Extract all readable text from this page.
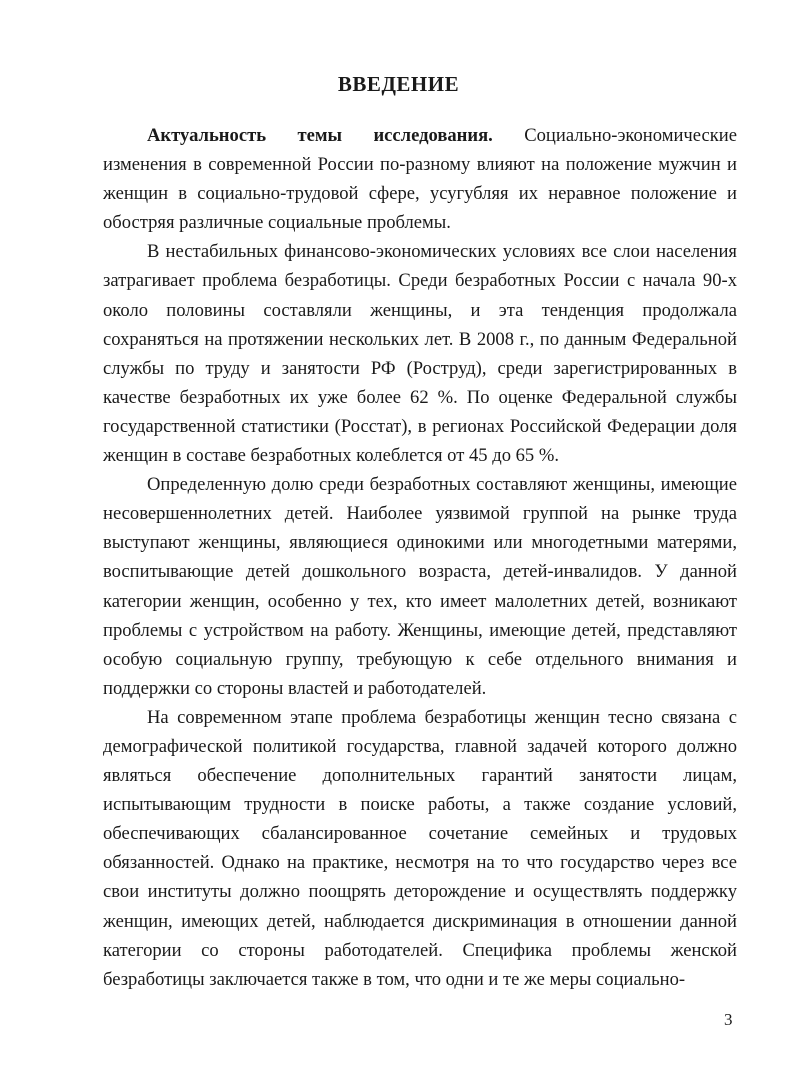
ВВЕДЕНИЕ

Актуальность темы исследования. Социально-экономические изменения в современной России по-разному влияют на положение мужчин и женщин в социально-трудовой сфере, усугубляя их неравное положение и обостряя различные социальные проблемы.

В нестабильных финансово-экономических условиях все слои населения затрагивает проблема безработицы. Среди безработных России с начала 90-х около половины составляли женщины, и эта тенденция продолжала сохраняться на протяжении нескольких лет. В 2008 г., по данным Федеральной службы по труду и занятости РФ (Роструд), среди зарегистрированных в качестве безработных их уже более 62 %. По оценке Федеральной службы государственной статистики (Росстат), в регионах Российской Федерации доля женщин в составе безработных колеблется от 45 до 65 %.

Определенную долю среди безработных составляют женщины, имеющие несовершеннолетних детей. Наиболее уязвимой группой на рынке труда выступают женщины, являющиеся одинокими или многодетными матерями, воспитывающие детей дошкольного возраста, детей-инвалидов. У данной категории женщин, особенно у тех, кто имеет малолетних детей, возникают проблемы с устройством на работу. Женщины, имеющие детей, представляют особую социальную группу, требующую к себе отдельного внимания и поддержки со стороны властей и работодателей.

На современном этапе проблема безработицы женщин тесно связана с демографической политикой государства, главной задачей которого должно являться обеспечение дополнительных гарантий занятости лицам, испытывающим трудности в поиске работы, а также создание условий, обеспечивающих сбалансированное сочетание семейных и трудовых обязанностей. Однако на практике, несмотря на то что государство через все свои институты должно поощрять деторождение и осуществлять поддержку женщин, имеющих детей, наблюдается дискриминация в отношении данной категории со стороны работодателей. Специфика проблемы женской безработицы заключается также в том, что одни и те же меры социально-

3
